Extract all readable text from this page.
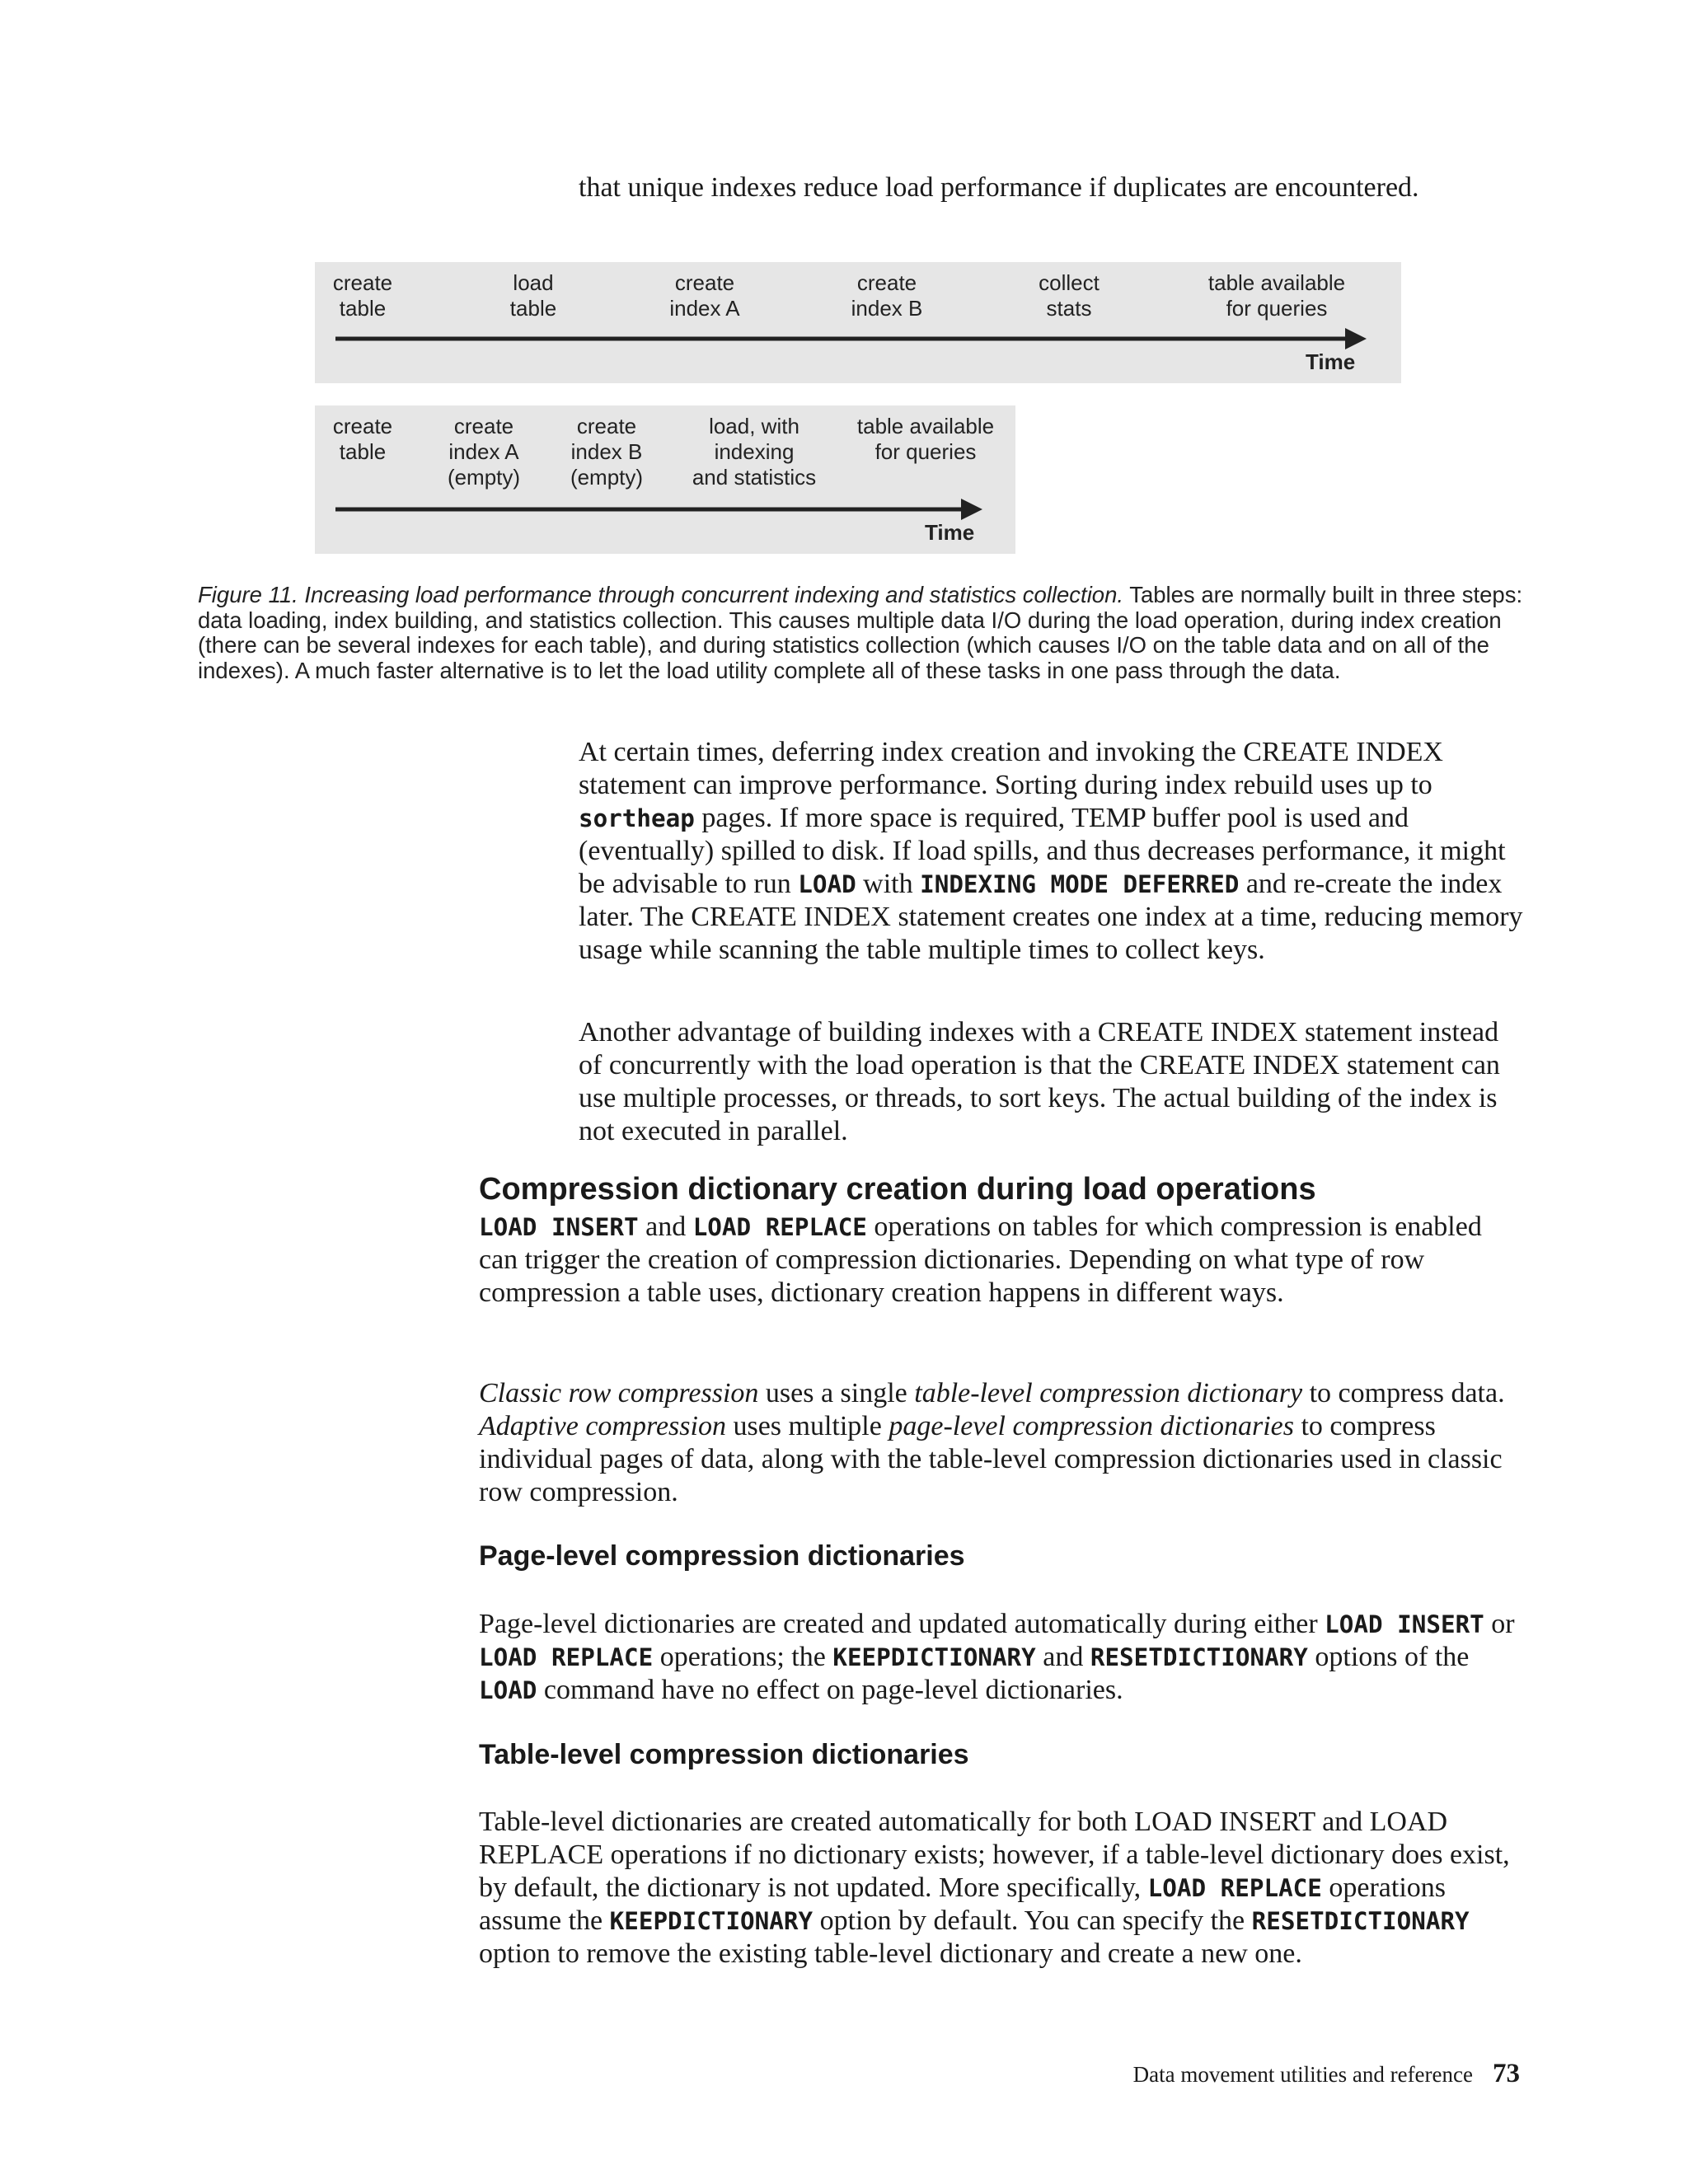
that unique indexes reduce load performance if duplicates are encountered.

create
table
load
table
create
index A
create
index B
collect
stats
table available
for queries
Time
create
table
create
index A
(empty)
create
index B
(empty)
load, with
indexing
and statistics
table available
for queries
Time

Figure 11. Increasing load performance through concurrent indexing and statistics collection. Tables are normally built in three steps: data loading, index building, and statistics collection. This causes multiple data I/O during the load operation, during index creation (there can be several indexes for each table), and during statistics collection (which causes I/O on the table data and on all of the indexes). A much faster alternative is to let the load utility complete all of these tasks in one pass through the data.

At certain times, deferring index creation and invoking the CREATE INDEX statement can improve performance. Sorting during index rebuild uses up to sortheap pages. If more space is required, TEMP buffer pool is used and (eventually) spilled to disk. If load spills, and thus decreases performance, it might be advisable to run LOAD with INDEXING MODE DEFERRED and re-create the index later. The CREATE INDEX statement creates one index at a time, reducing memory usage while scanning the table multiple times to collect keys.

Another advantage of building indexes with a CREATE INDEX statement instead of concurrently with the load operation is that the CREATE INDEX statement can use multiple processes, or threads, to sort keys. The actual building of the index is not executed in parallel.

Compression dictionary creation during load operations

LOAD INSERT and LOAD REPLACE operations on tables for which compression is enabled can trigger the creation of compression dictionaries. Depending on what type of row compression a table uses, dictionary creation happens in different ways.

Classic row compression uses a single table-level compression dictionary to compress data. Adaptive compression uses multiple page-level compression dictionaries to compress individual pages of data, along with the table-level compression dictionaries used in classic row compression.

Page-level compression dictionaries

Page-level dictionaries are created and updated automatically during either LOAD INSERT or LOAD REPLACE operations; the KEEPDICTIONARY and RESETDICTIONARY options of the LOAD command have no effect on page-level dictionaries.

Table-level compression dictionaries

Table-level dictionaries are created automatically for both LOAD INSERT and LOAD REPLACE operations if no dictionary exists; however, if a table-level dictionary does exist, by default, the dictionary is not updated. More specifically, LOAD REPLACE operations assume the KEEPDICTIONARY option by default. You can specify the RESETDICTIONARY option to remove the existing table-level dictionary and create a new one.

Data movement utilities and reference 73
